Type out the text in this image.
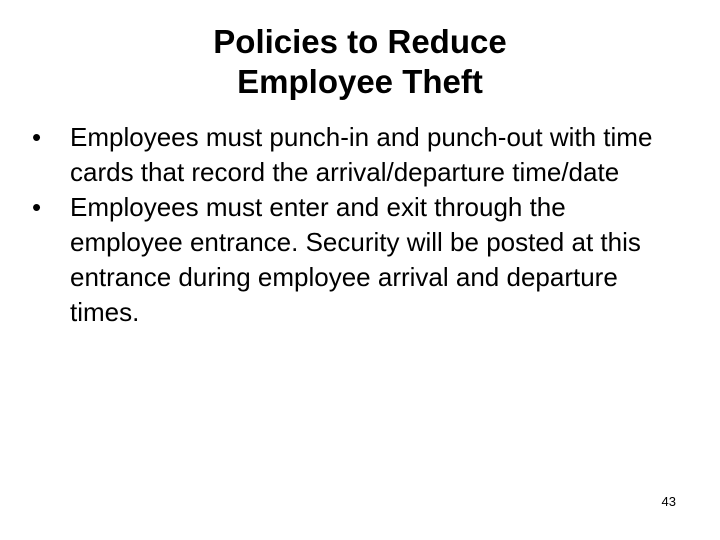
Policies to Reduce
Employee Theft
•	Employees must punch-in and punch-out with time cards that record the arrival/departure time/date
•	Employees must enter and exit through the employee entrance. Security will be posted at this entrance during employee arrival and departure times.
43
